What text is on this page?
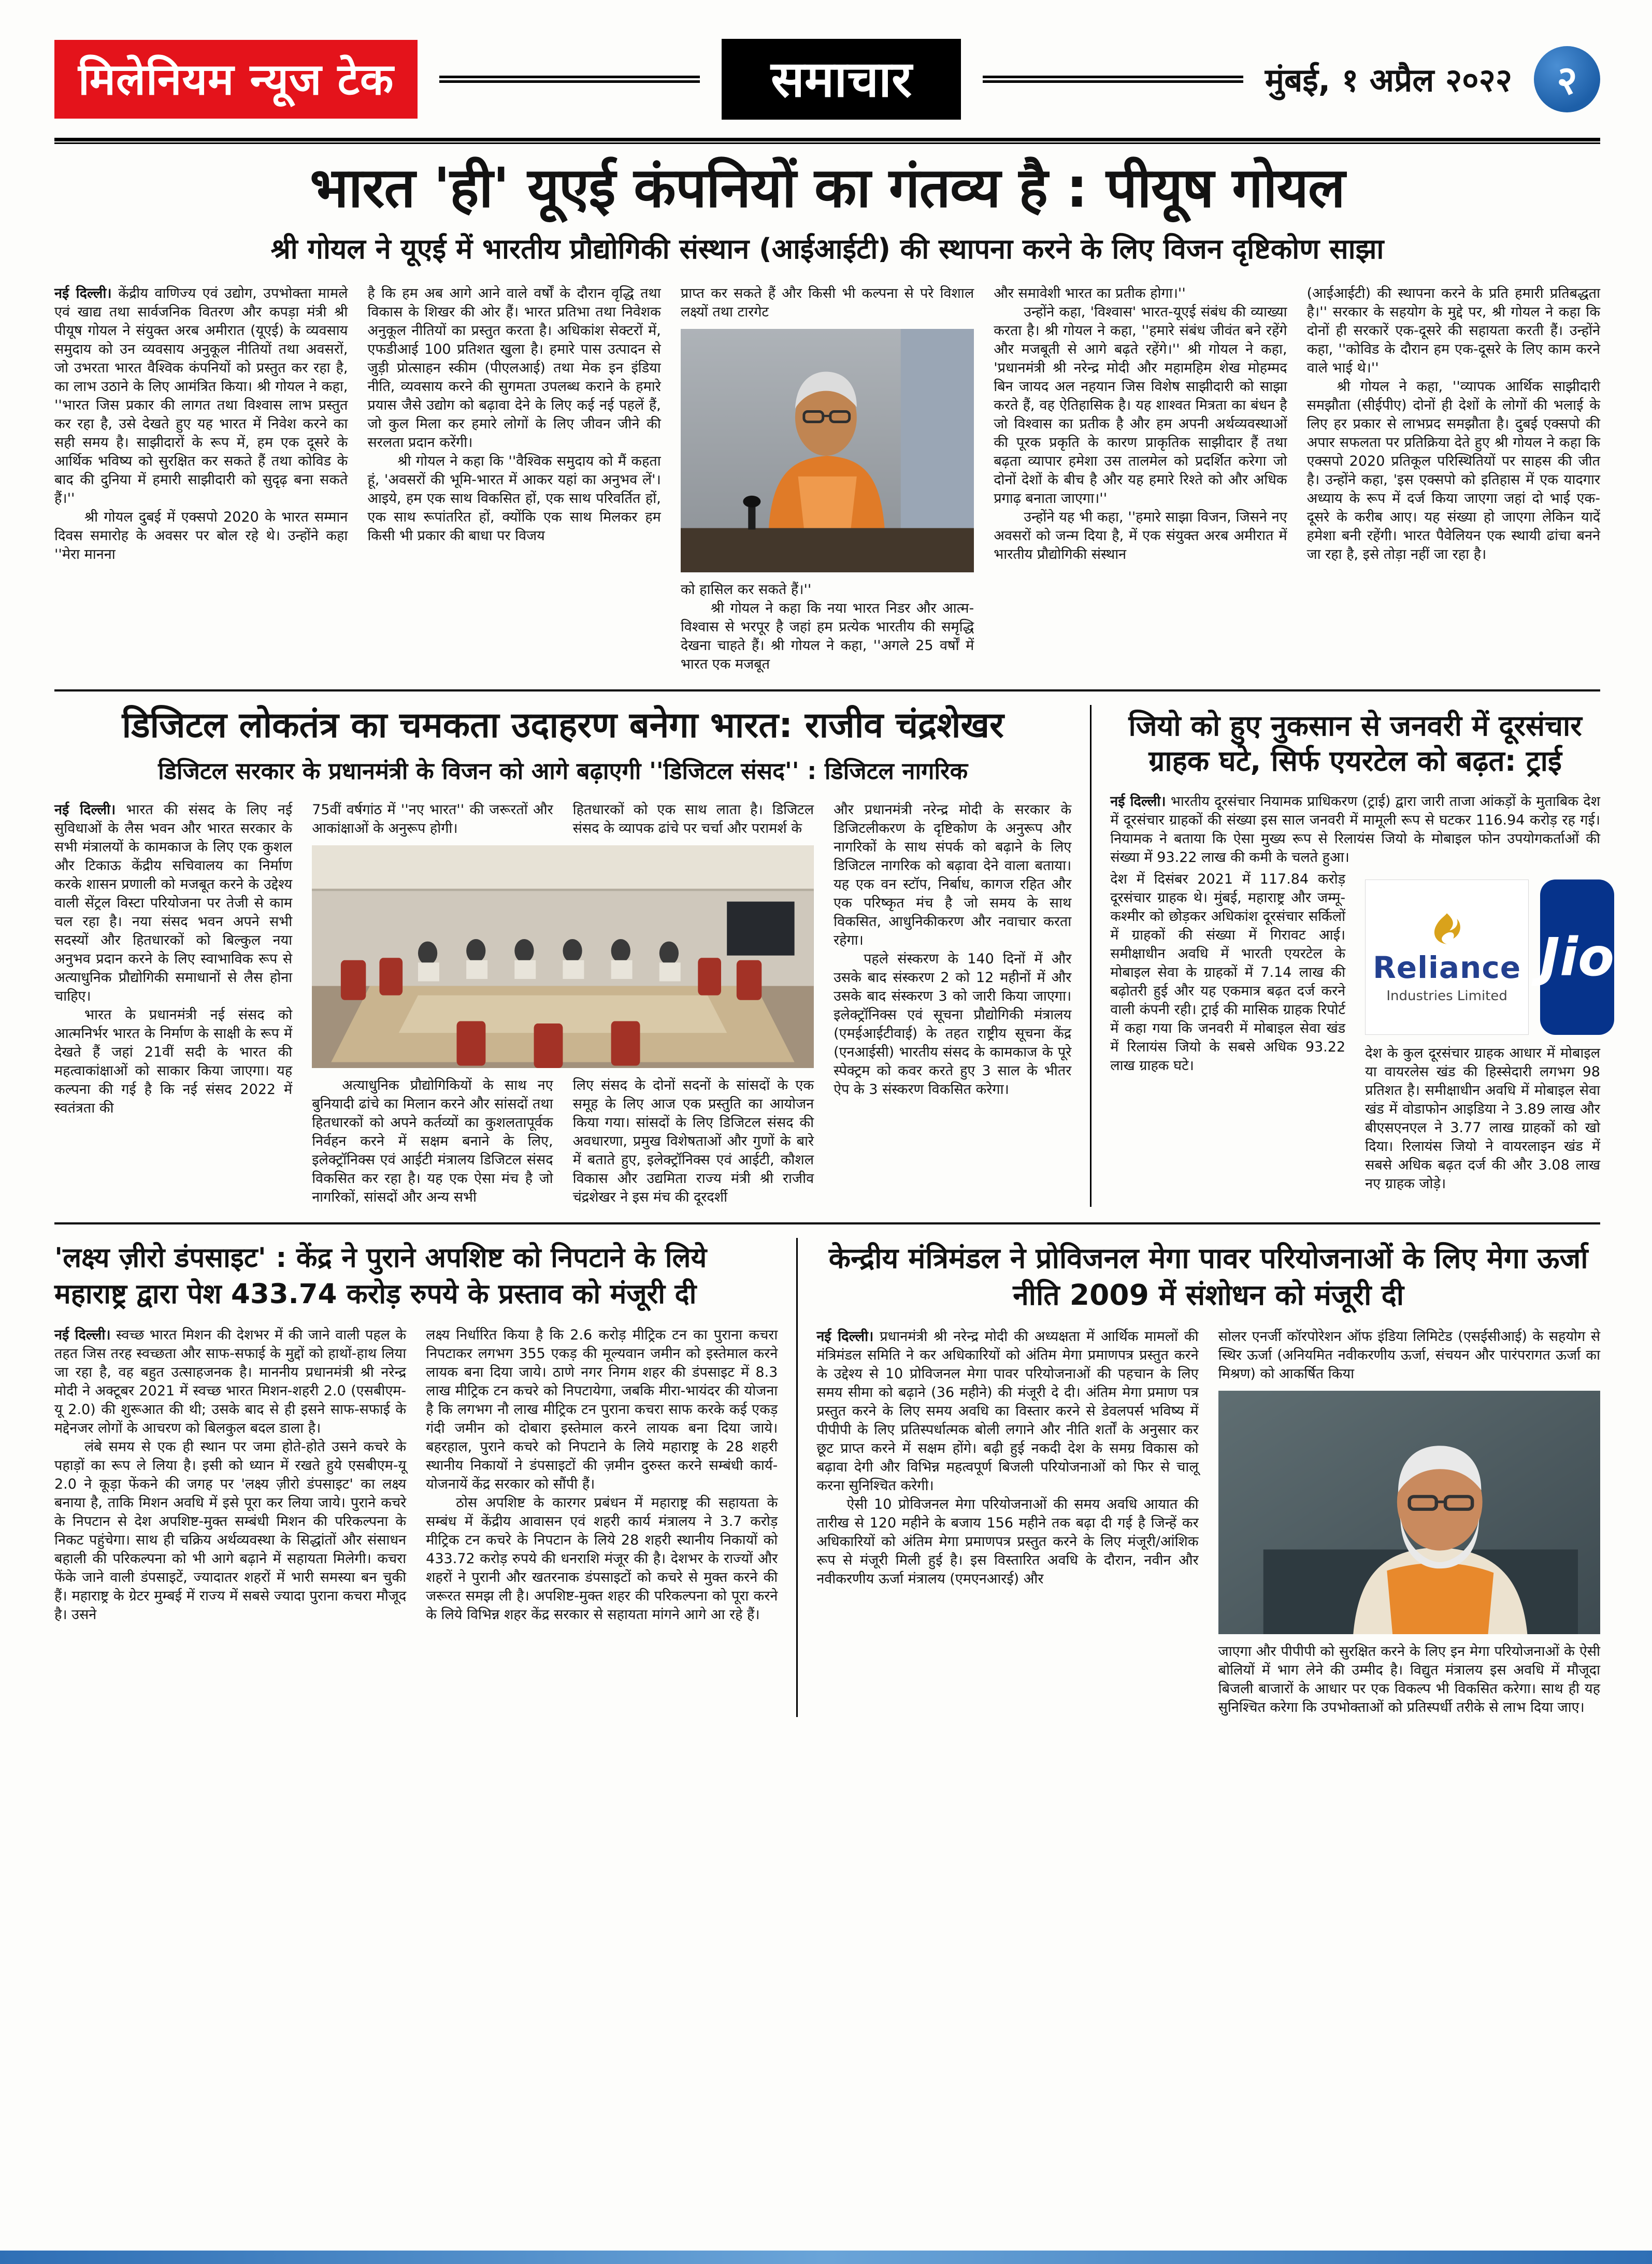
मिलेनियम न्यूज टेक	समाचार	मुंबई, १ अप्रैल २०२२ २
भारत 'ही' यूएई कंपनियों का गंतव्य है : पीयूष गोयल
श्री गोयल ने यूएई में भारतीय प्रौद्योगिकी संस्थान (आईआईटी) की स्थापना करने के लिए विजन दृष्टिकोण साझा

नई दिल्ली। केंद्रीय वाणिज्य एवं उद्योग, उपभोक्ता मामले एवं खाद्य तथा सार्वजनिक वितरण और कपड़ा मंत्री श्री पीयूष गोयल ने संयुक्त अरब अमीरात (यूएई) के व्यवसाय समुदाय को उन व्यवसाय अनुकूल नीतियों तथा अवसरों, जो उभरता भारत वैश्विक कंपनियों को प्रस्तुत कर रहा है, का लाभ उठाने के लिए आमंत्रित किया। श्री गोयल ने कहा, ''भारत जिस प्रकार की लागत तथा विश्वास लाभ प्रस्तुत कर रहा है, उसे देखते हुए यह भारत में निवेश करने का सही समय है। साझीदारों के रूप में, हम एक दूसरे के आर्थिक भविष्य को सुरक्षित कर सकते हैं तथा कोविड के बाद की दुनिया में हमारी साझीदारी को सुदृढ़ बना सकते हैं।''

श्री गोयल दुबई में एक्सपो 2020 के भारत सम्मान दिवस समारोह के अवसर पर बोल रहे थे। उन्होंने कहा ''मेरा मानना

है कि हम अब आगे आने वाले वर्षों के दौरान वृद्धि तथा विकास के शिखर की ओर हैं। भारत प्रतिभा तथा निवेशक अनुकूल नीतियों का प्रस्तुत करता है। अधिकांश सेक्टरों में, एफडीआई 100 प्रतिशत खुला है। हमारे पास उत्पादन से जुड़ी प्रोत्साहन स्कीम (पीएलआई) तथा मेक इन इंडिया नीति, व्यवसाय करने की सुगमता उपलब्ध कराने के हमारे प्रयास जैसे उद्योग को बढ़ावा देने के लिए कई नई पहलें हैं, जो कुल मिला कर हमारे लोगों के लिए जीवन जीने की सरलता प्रदान करेंगी।

श्री गोयल ने कहा कि ''वैश्विक समुदाय को मैं कहता हूं, 'अवसरों की भूमि-भारत में आकर यहां का अनुभव लें'। आइये, हम एक साथ विकसित हों, एक साथ परिवर्तित हों, एक साथ रूपांतरित हों, क्योंकि एक साथ मिलकर हम किसी भी प्रकार की बाधा पर विजय

प्राप्त कर सकते हैं और किसी भी कल्पना से परे विशाल लक्ष्यों तथा टारगेट

को हासिल कर सकते हैं।''

श्री गोयल ने कहा कि नया भारत निडर और आत्म-विश्वास से भरपूर है जहां हम प्रत्येक भारतीय की समृद्धि देखना चाहते हैं। श्री गोयल ने कहा, ''अगले 25 वर्षों में भारत एक मजबूत

और समावेशी भारत का प्रतीक होगा।''

उन्होंने कहा, 'विश्वास' भारत-यूएई संबंध की व्याख्या करता है। श्री गोयल ने कहा, ''हमारे संबंध जीवंत बने रहेंगे और मजबूती से आगे बढ़ते रहेंगे।'' श्री गोयल ने कहा, 'प्रधानमंत्री श्री नरेन्द्र मोदी और महामहिम शेख मोहम्मद बिन जायद अल नहयान जिस विशेष साझीदारी को साझा करते हैं, वह ऐतिहासिक है। यह शाश्वत मित्रता का बंधन है जो विश्वास का प्रतीक है और हम अपनी अर्थव्यवस्थाओं की पूरक प्रकृति के कारण प्राकृतिक साझीदार हैं तथा बढ़ता व्यापार हमेशा उस तालमेल को प्रदर्शित करेगा जो दोनों देशों के बीच है और यह हमारे रिश्ते को और अधिक प्रगाढ़ बनाता जाएगा।''

उन्होंने यह भी कहा, ''हमारे साझा विजन, जिसने नए अवसरों को जन्म दिया है, में एक संयुक्त अरब अमीरात में भारतीय प्रौद्योगिकी संस्थान

(आईआईटी) की स्थापना करने के प्रति हमारी प्रतिबद्धता है।'' सरकार के सहयोग के मुद्दे पर, श्री गोयल ने कहा कि दोनों ही सरकारें एक-दूसरे की सहायता करती हैं। उन्होंने कहा, ''कोविड के दौरान हम एक-दूसरे के लिए काम करने वाले भाई थे।''

श्री गोयल ने कहा, ''व्यापक आर्थिक साझीदारी समझौता (सीईपीए) दोनों ही देशों के लोगों की भलाई के लिए हर प्रकार से लाभप्रद समझौता है। दुबई एक्सपो की अपार सफलता पर प्रतिक्रिया देते हुए श्री गोयल ने कहा कि एक्सपो 2020 प्रतिकूल परिस्थितियों पर साहस की जीत है। उन्होंने कहा, 'इस एक्सपो को इतिहास में एक यादगार अध्याय के रूप में दर्ज किया जाएगा जहां दो भाई एक-दूसरे के करीब आए। यह संख्या हो जाएगा लेकिन यादें हमेशा बनी रहेंगी। भारत पैवेलियन एक स्थायी ढांचा बनने जा रहा है, इसे तोड़ा नहीं जा रहा है।

डिजिटल लोकतंत्र का चमकता उदाहरण बनेगा भारत: राजीव चंद्रशेखर
डिजिटल सरकार के प्रधानमंत्री के विजन को आगे बढ़ाएगी ''डिजिटल संसद'' : डिजिटल नागरिक

नई दिल्ली। भारत की संसद के लिए नई सुविधाओं के लैस भवन और भारत सरकार के सभी मंत्रालयों के कामकाज के लिए एक कुशल और टिकाऊ केंद्रीय सचिवालय का निर्माण करके शासन प्रणाली को मजबूत करने के उद्देश्य वाली सेंट्रल विस्टा परियोजना पर तेजी से काम चल रहा है। नया संसद भवन अपने सभी सदस्यों और हितधारकों को बिल्कुल नया अनुभव प्रदान करने के लिए स्वाभाविक रूप से अत्याधुनिक प्रौद्योगिकी समाधानों से लैस होना चाहिए।

भारत के प्रधानमंत्री नई संसद को आत्मनिर्भर भारत के निर्माण के साक्षी के रूप में देखते हैं जहां 21वीं सदी के भारत की महत्वाकांक्षाओं को साकार किया जाएगा। यह कल्पना की गई है कि नई संसद 2022 में स्वतंत्रता की

75वीं वर्षगांठ में ''नए भारत'' की जरूरतों और आकांक्षाओं के अनुरूप होगी।

हितधारकों को एक साथ लाता है। डिजिटल संसद के व्यापक ढांचे पर चर्चा और परामर्श के

अत्याधुनिक प्रौद्योगिकियों के साथ नए बुनियादी ढांचे का मिलान करने और सांसदों तथा हितधारकों को अपने कर्तव्यों का कुशलतापूर्वक निर्वहन करने में सक्षम बनाने के लिए, इलेक्ट्रॉनिक्स एवं आईटी मंत्रालय डिजिटल संसद विकसित कर रहा है। यह एक ऐसा मंच है जो नागरिकों, सांसदों और अन्य सभी

लिए संसद के दोनों सदनों के सांसदों के एक समूह के लिए आज एक प्रस्तुति का आयोजन किया गया। सांसदों के लिए डिजिटल संसद की अवधारणा, प्रमुख विशेषताओं और गुणों के बारे में बताते हुए, इलेक्ट्रॉनिक्स एवं आईटी, कौशल विकास और उद्यमिता राज्य मंत्री श्री राजीव चंद्रशेखर ने इस मंच की दूरदर्शी

और प्रधानमंत्री नरेन्द्र मोदी के सरकार के डिजिटलीकरण के दृष्टिकोण के अनुरूप और नागरिकों के साथ संपर्क को बढ़ाने के लिए डिजिटल नागरिक को बढ़ावा देने वाला बताया। यह एक वन स्टॉप, निर्बाध, कागज रहित और एक परिष्कृत मंच है जो समय के साथ विकसित, आधुनिकीकरण और नवाचार करता रहेगा।

पहले संस्करण के 140 दिनों में और उसके बाद संस्करण 2 को 12 महीनों में और उसके बाद संस्करण 3 को जारी किया जाएगा। इलेक्ट्रॉनिक्स एवं सूचना प्रौद्योगिकी मंत्रालय (एमईआईटीवाई) के तहत राष्ट्रीय सूचना केंद्र (एनआईसी) भारतीय संसद के कामकाज के पूरे स्पेक्ट्रम को कवर करते हुए 3 साल के भीतर ऐप के 3 संस्करण विकसित करेगा।

जियो को हुए नुकसान से जनवरी में दूरसंचार ग्राहक घटे, सिर्फ एयरटेल को बढ़त: ट्राई

नई दिल्ली। भारतीय दूरसंचार नियामक प्राधिकरण (ट्राई) द्वारा जारी ताजा आंकड़ों के मुताबिक देश में दूरसंचार ग्राहकों की संख्या इस साल जनवरी में मामूली रूप से घटकर 116.94 करोड़ रह गई। नियामक ने बताया कि ऐसा मुख्य रूप से रिलायंस जियो के मोबाइल फोन उपयोगकर्ताओं की संख्या में 93.22 लाख की कमी के चलते हुआ।

देश में दिसंबर 2021 में 117.84 करोड़ दूरसंचार ग्राहक थे। मुंबई, महाराष्ट्र और जम्मू-कश्मीर को छोड़कर अधिकांश दूरसंचार सर्किलों में ग्राहकों की संख्या में गिरावट आई। समीक्षाधीन अवधि में भारती एयरटेल के मोबाइल सेवा के ग्राहकों में 7.14 लाख की बढ़ोतरी हुई और यह एकमात्र बढ़त दर्ज करने वाली कंपनी रही। ट्राई की मासिक ग्राहक रिपोर्ट में कहा गया कि जनवरी में मोबाइल सेवा खंड में रिलायंस जियो के सबसे अधिक 93.22 लाख ग्राहक घटे।

Reliance
Industries Limited
Jio

देश के कुल दूरसंचार ग्राहक आधार में मोबाइल या वायरलेस खंड की हिस्सेदारी लगभग 98 प्रतिशत है। समीक्षाधीन अवधि में मोबाइल सेवा खंड में वोडाफोन आइडिया ने 3.89 लाख और बीएसएनएल ने 3.77 लाख ग्राहकों को खो दिया। रिलायंस जियो ने वायरलाइन खंड में सबसे अधिक बढ़त दर्ज की और 3.08 लाख नए ग्राहक जोड़े।

'लक्ष्य ज़ीरो डंपसाइट' : केंद्र ने पुराने अपशिष्ट को निपटाने के लिये महाराष्ट्र द्वारा पेश 433.74 करोड़ रुपये के प्रस्ताव को मंजूरी दी

नई दिल्ली। स्वच्छ भारत मिशन की देशभर में की जाने वाली पहल के तहत जिस तरह स्वच्छता और साफ-सफाई के मुद्दों को हाथों-हाथ लिया जा रहा है, वह बहुत उत्साहजनक है। माननीय प्रधानमंत्री श्री नरेन्द्र मोदी ने अक्टूबर 2021 में स्वच्छ भारत मिशन-शहरी 2.0 (एसबीएम-यू 2.0) की शुरूआत की थी; उसके बाद से ही इसने साफ-सफाई के मद्देनजर लोगों के आचरण को बिलकुल बदल डाला है।

लंबे समय से एक ही स्थान पर जमा होते-होते उसने कचरे के पहाड़ों का रूप ले लिया है। इसी को ध्यान में रखते हुये एसबीएम-यू 2.0 ने कूड़ा फेंकने की जगह पर 'लक्ष्य ज़ीरो डंपसाइट' का लक्ष्य बनाया है, ताकि मिशन अवधि में इसे पूरा कर लिया जाये। पुराने कचरे के निपटान से देश अपशिष्ट-मुक्त सम्बंधी मिशन की परिकल्पना के निकट पहुंचेगा। साथ ही चक्रिय अर्थव्यवस्था के सिद्धांतों और संसाधन बहाली की परिकल्पना को भी आगे बढ़ाने में सहायता मिलेगी। कचरा फेंके जाने वाली डंपसाइटें, ज्यादातर शहरों में भारी समस्या बन चुकी हैं। महाराष्ट्र के ग्रेटर मुम्बई में राज्य में सबसे ज्यादा पुराना कचरा मौजूद है। उसने

लक्ष्य निर्धारित किया है कि 2.6 करोड़ मीट्रिक टन का पुराना कचरा निपटाकर लगभग 355 एकड़ की मूल्यवान जमीन को इस्तेमाल करने लायक बना दिया जाये। ठाणे नगर निगम शहर की डंपसाइट में 8.3 लाख मीट्रिक टन कचरे को निपटायेगा, जबकि मीरा-भायंदर की योजना है कि लगभग नौ लाख मीट्रिक टन पुराना कचरा साफ करके कई एकड़ गंदी जमीन को दोबारा इस्तेमाल करने लायक बना दिया जाये। बहरहाल, पुराने कचरे को निपटाने के लिये महाराष्ट्र के 28 शहरी स्थानीय निकायों ने डंपसाइटों की ज़मीन दुरुस्त करने सम्बंधी कार्य-योजनायें केंद्र सरकार को सौंपी हैं।

ठोस अपशिष्ट के कारगर प्रबंधन में महाराष्ट्र की सहायता के सम्बंध में केंद्रीय आवासन एवं शहरी कार्य मंत्रालय ने 3.7 करोड़ मीट्रिक टन कचरे के निपटान के लिये 28 शहरी स्थानीय निकायों को 433.72 करोड़ रुपये की धनराशि मंजूर की है। देशभर के राज्यों और शहरों ने पुरानी और खतरनाक डंपसाइटों को कचरे से मुक्त करने की जरूरत समझ ली है। अपशिष्ट-मुक्त शहर की परिकल्पना को पूरा करने के लिये विभिन्न शहर केंद्र सरकार से सहायता मांगने आगे आ रहे हैं।

केन्द्रीय मंत्रिमंडल ने प्रोविजनल मेगा पावर परियोजनाओं के लिए मेगा ऊर्जा नीति 2009 में संशोधन को मंजूरी दी

नई दिल्ली। प्रधानमंत्री श्री नरेन्द्र मोदी की अध्यक्षता में आर्थिक मामलों की मंत्रिमंडल समिति ने कर अधिकारियों को अंतिम मेगा प्रमाणपत्र प्रस्तुत करने के उद्देश्य से 10 प्रोविजनल मेगा पावर परियोजनाओं की पहचान के लिए समय सीमा को बढ़ाने (36 महीने) की मंजूरी दे दी। अंतिम मेगा प्रमाण पत्र प्रस्तुत करने के लिए समय अवधि का विस्तार करने से डेवलपर्स भविष्य में पीपीपी के लिए प्रतिस्पर्धात्मक बोली लगाने और नीति शर्तों के अनुसार कर छूट प्राप्त करने में सक्षम होंगे। बढ़ी हुई नकदी देश के समग्र विकास को बढ़ावा देगी और विभिन्न महत्वपूर्ण बिजली परियोजनाओं को फिर से चालू करना सुनिश्चित करेगी।

ऐसी 10 प्रोविजनल मेगा परियोजनाओं की समय अवधि आयात की तारीख से 120 महीने के बजाय 156 महीने तक बढ़ा दी गई है जिन्हें कर अधिकारियों को अंतिम मेगा प्रमाणपत्र प्रस्तुत करने के लिए मंजूरी/आंशिक रूप से मंजूरी मिली हुई है। इस विस्तारित अवधि के दौरान, नवीन और नवीकरणीय ऊर्जा मंत्रालय (एमएनआरई) और

सोलर एनर्जी कॉरपोरेशन ऑफ इंडिया लिमिटेड (एसईसीआई) के सहयोग से स्थिर ऊर्जा (अनियमित नवीकरणीय ऊर्जा, संचयन और पारंपरागत ऊर्जा का मिश्रण) को आकर्षित किया

जाएगा और पीपीपी को सुरक्षित करने के लिए इन मेगा परियोजनाओं के ऐसी बोलियों में भाग लेने की उम्मीद है। विद्युत मंत्रालय इस अवधि में मौजूदा बिजली बाजारों के आधार पर एक विकल्प भी विकसित करेगा। साथ ही यह सुनिश्चित करेगा कि उपभोक्ताओं को प्रतिस्पर्धी तरीके से लाभ दिया जाए।
